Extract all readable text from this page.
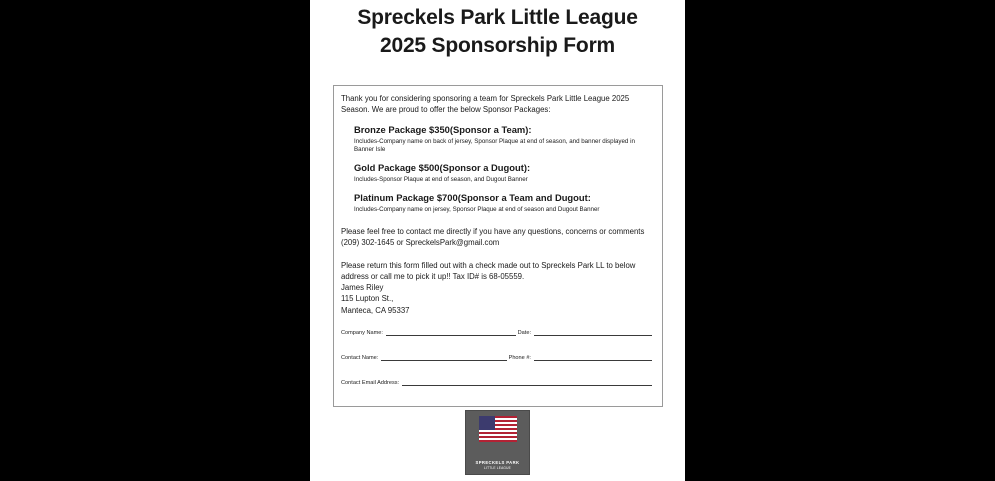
Spreckels Park Little League
2025 Sponsorship Form
Thank you for considering sponsoring a team for Spreckels Park Little League 2025 Season. We are proud to offer the below Sponsor Packages:
Bronze Package $350(Sponsor a Team):
Includes-Company name on back of jersey, Sponsor Plaque at end of season, and banner displayed in Banner Isle
Gold Package $500(Sponsor a Dugout):
Includes-Sponsor Plaque at end of season, and Dugout Banner
Platinum Package $700(Sponsor a Team and Dugout:
Includes-Company name on jersey, Sponsor Plaque at end of season and Dugout Banner
Please feel free to contact me directly if you have any questions, concerns or comments (209) 302-1645 or SpreckelsPark@gmail.com
Please return this form filled out with a check made out to Spreckels Park LL to below address or call me to pick it up!! Tax ID# is 68-05559.
James Riley
115 Lupton St.,
Manteca, CA 95337
Company Name:	Date:
Contact Name:	Phone #:
Contact Email Address:
SPRECKELS PARK
LITTLE LEAGUE
